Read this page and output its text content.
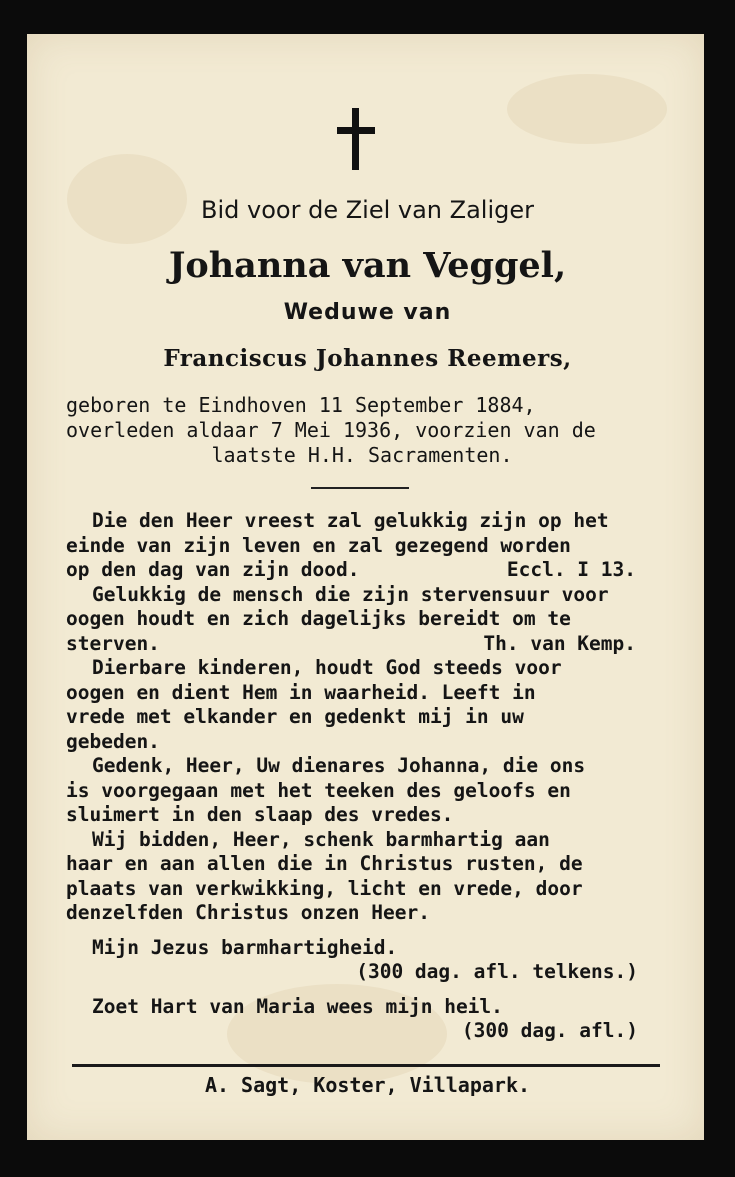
Bid voor de Ziel van Zaliger
Johanna van Veggel,
Weduwe van
Franciscus Johannes Reemers,
geboren te Eindhoven 11 September 1884,
overleden aldaar 7 Mei 1936, voorzien van de
laatste H.H. Sacramenten.
Die den Heer vreest zal gelukkig zijn op het
einde van zijn leven en zal gezegend worden
op den dag van zijn dood.	Eccl. I 13.
Gelukkig de mensch die zijn stervensuur voor
oogen houdt en zich dagelijks bereidt om te
sterven.	Th. van Kemp.
Dierbare kinderen, houdt God steeds voor
oogen en dient Hem in waarheid. Leeft in
vrede met elkander en gedenkt mij in uw
gebeden.
Gedenk, Heer, Uw dienares Johanna, die ons
is voorgegaan met het teeken des geloofs en
sluimert in den slaap des vredes.
Wij bidden, Heer, schenk barmhartig aan
haar en aan allen die in Christus rusten, de
plaats van verkwikking, licht en vrede, door
denzelfden Christus onzen Heer.
Mijn Jezus barmhartigheid.
(300 dag. afl. telkens.)
Zoet Hart van Maria wees mijn heil.
(300 dag. afl.)
A. Sagt, Koster, Villapark.
